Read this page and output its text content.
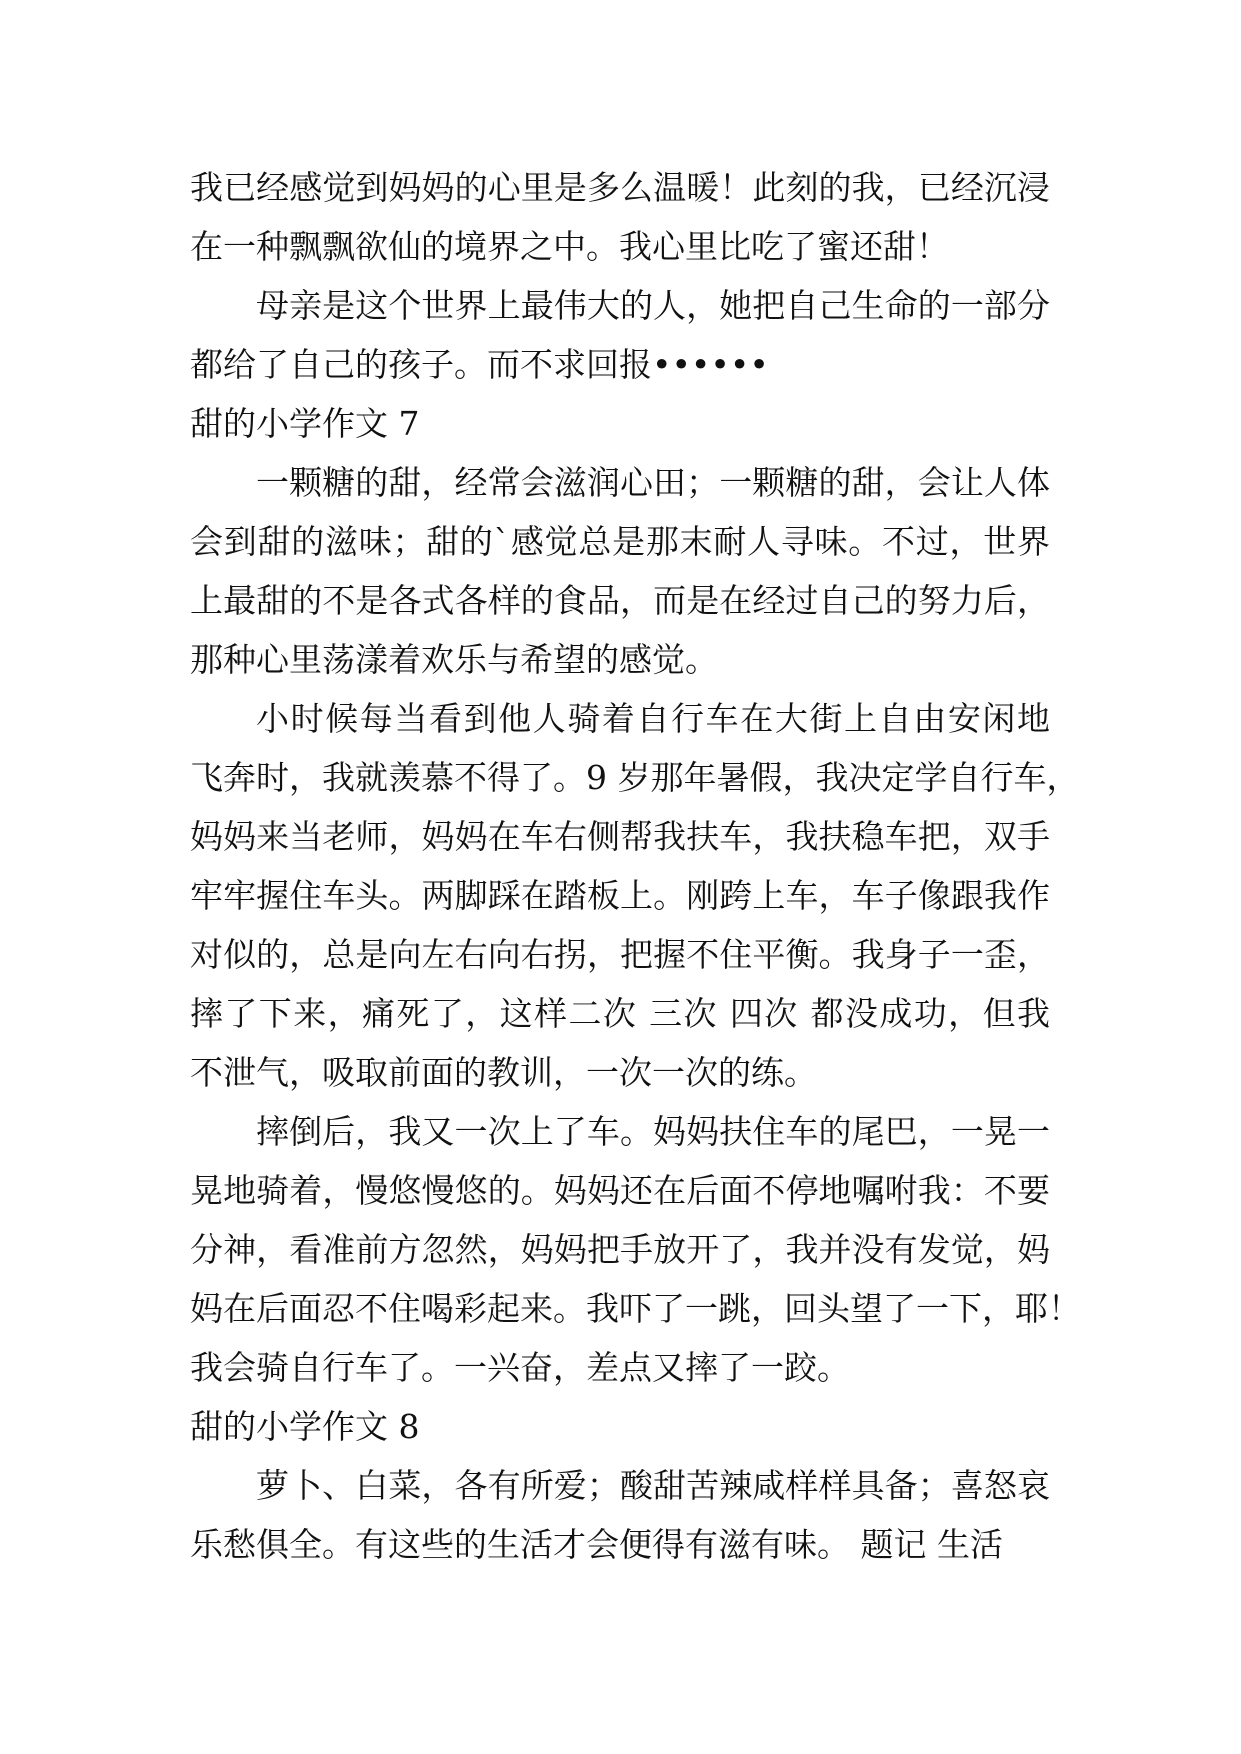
我已经感觉到妈妈的心里是多么温暖！此刻的我，已经沉浸
在一种飘飘欲仙的境界之中。我心里比吃了蜜还甜！
母亲是这个世界上最伟大的人，她把自己生命的一部分
都给了自己的孩子。而不求回报••••••
甜的小学作文 7
一颗糖的甜，经常会滋润心田；一颗糖的甜，会让人体
会到甜的滋味；甜的`感觉总是那末耐人寻味。不过，世界
上最甜的不是各式各样的食品，而是在经过自己的努力后，
那种心里荡漾着欢乐与希望的感觉。
小时候每当看到他人骑着自行车在大街上自由安闲地
飞奔时，我就羡慕不得了。9 岁那年暑假，我决定学自行车，
妈妈来当老师，妈妈在车右侧帮我扶车，我扶稳车把，双手
牢牢握住车头。两脚踩在踏板上。刚跨上车，车子像跟我作
对似的，总是向左右向右拐，把握不住平衡。我身子一歪，
摔了下来，痛死了，这样二次 三次 四次 都没成功，但我
不泄气，吸取前面的教训，一次一次的练。
摔倒后，我又一次上了车。妈妈扶住车的尾巴，一晃一
晃地骑着，慢悠慢悠的。妈妈还在后面不停地嘱咐我：不要
分神，看准前方忽然，妈妈把手放开了，我并没有发觉，妈
妈在后面忍不住喝彩起来。我吓了一跳，回头望了一下，耶！
我会骑自行车了。一兴奋，差点又摔了一跤。
甜的小学作文 8
萝卜、白菜，各有所爱；酸甜苦辣咸样样具备；喜怒哀
乐愁俱全。有这些的生活才会便得有滋有味。 题记 生活
